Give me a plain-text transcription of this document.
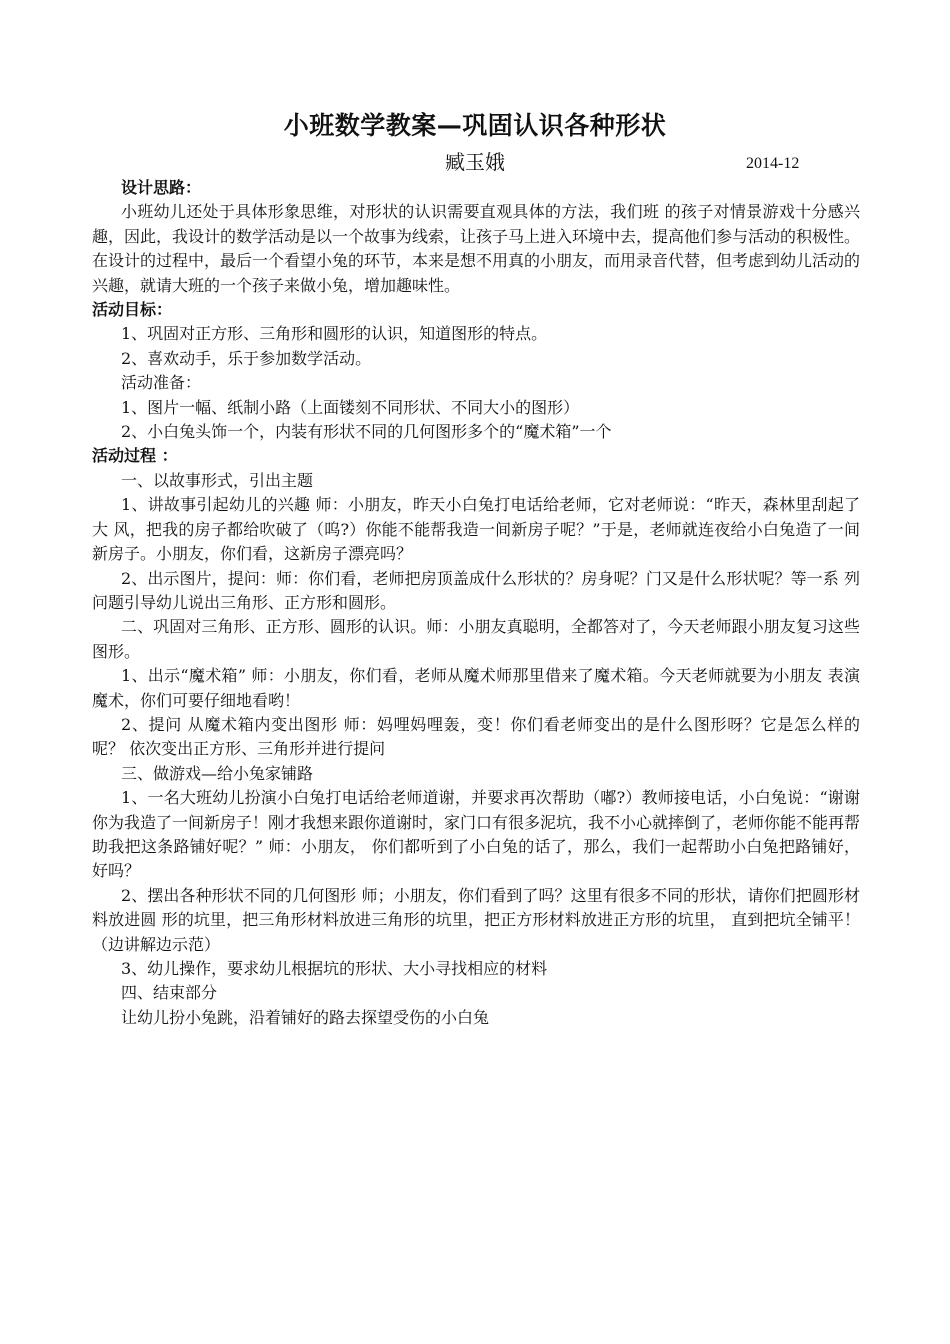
小班数学教案—巩固认识各种形状
臧玉娥	2014-12

设计思路：

小班幼儿还处于具体形象思维，对形状的认识需要直观具体的方法，我们班 的孩子对情景游戏十分感兴趣，因此，我设计的数学活动是以一个故事为线索，让孩子马上进入环境中去，提高他们参与活动的积极性。在设计的过程中，最后一个看望小兔的环节，本来是想不用真的小朋友，而用录音代替，但考虑到幼儿活动的兴趣，就请大班的一个孩子来做小兔，增加趣味性。

活动目标：

1、巩固对正方形、三角形和圆形的认识，知道图形的特点。

2、喜欢动手，乐于参加数学活动。

活动准备：

1、图片一幅、纸制小路（上面镂刻不同形状、不同大小的图形）

2、小白兔头饰一个，内装有形状不同的几何图形多个的“魔术箱”一个

活动过程 ：

一、以故事形式，引出主题

1、讲故事引起幼儿的兴趣 师：小朋友，昨天小白兔打电话给老师，它对老师说：“昨天，森林里刮起了大 风，把我的房子都给吹破了（呜?）你能不能帮我造一间新房子呢？”于是，老师就连夜给小白兔造了一间新房子。小朋友，你们看，这新房子漂亮吗？

2、出示图片，提问：师：你们看，老师把房顶盖成什么形状的？房身呢？门又是什么形状呢？等一系 列问题引导幼儿说出三角形、正方形和圆形。

二、巩固对三角形、正方形、圆形的认识。师：小朋友真聪明，全都答对了，今天老师跟小朋友复习这些图形。

1、出示“魔术箱” 师：小朋友，你们看，老师从魔术师那里借来了魔术箱。今天老师就要为小朋友 表演魔术，你们可要仔细地看哟！

2、提问 从魔术箱内变出图形 师：妈哩妈哩轰，变！你们看老师变出的是什么图形呀？它是怎么样的呢？ 依次变出正方形、三角形并进行提问

三、做游戏—给小兔家铺路

1、一名大班幼儿扮演小白兔打电话给老师道谢，并要求再次帮助（嘟?）教师接电话，小白兔说：“谢谢你为我造了一间新房子！刚才我想来跟你道谢时，家门口有很多泥坑，我不小心就摔倒了，老师你能不能再帮助我把这条路铺好呢？” 师：小朋友， 你们都听到了小白兔的话了，那么，我们一起帮助小白兔把路铺好， 好吗？

2、摆出各种形状不同的几何图形 师；小朋友，你们看到了吗？这里有很多不同的形状，请你们把圆形材料放进圆 形的坑里，把三角形材料放进三角形的坑里，把正方形材料放进正方形的坑里， 直到把坑全铺平！ （边讲解边示范）

3、幼儿操作，要求幼儿根据坑的形状、大小寻找相应的材料

四、结束部分

让幼儿扮小兔跳，沿着铺好的路去探望受伤的小白兔
